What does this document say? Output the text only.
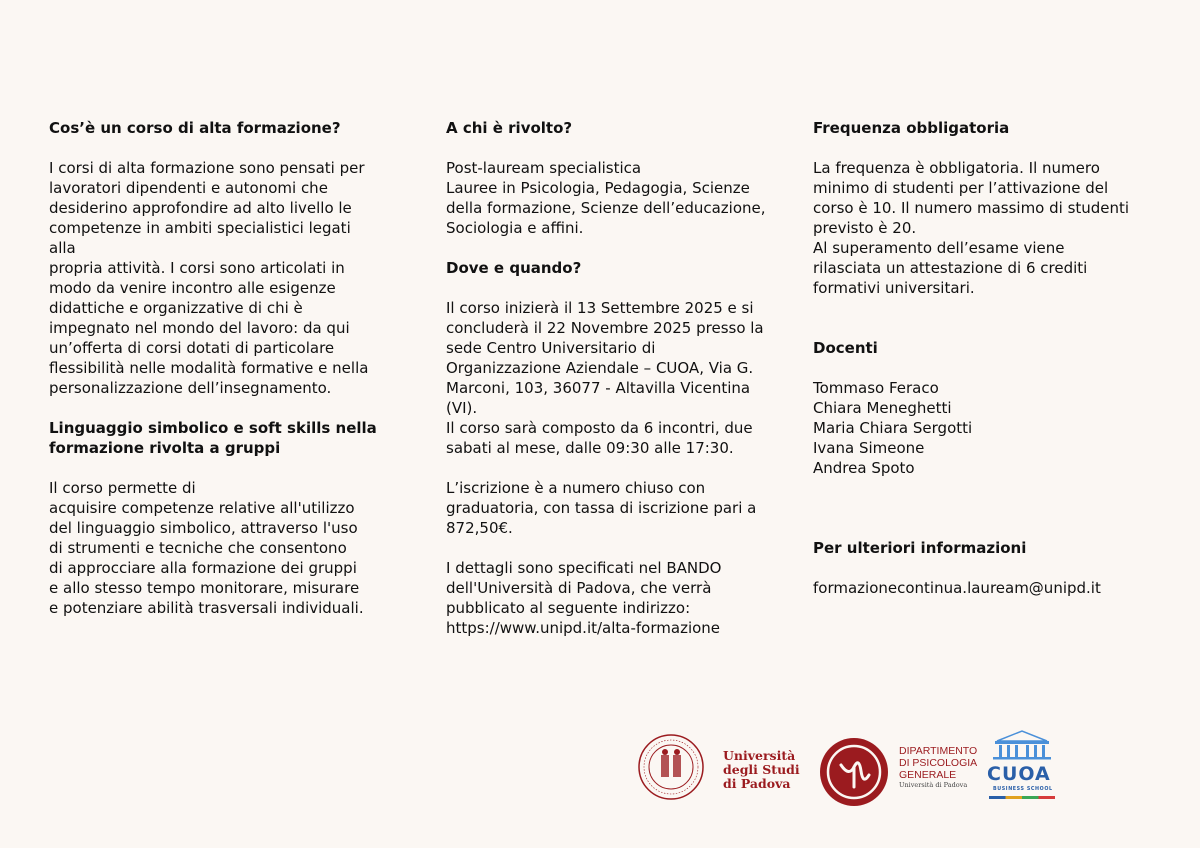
Cos’è un corso di alta formazione?

I corsi di alta formazione sono pensati per

lavoratori dipendenti e autonomi che

desiderino approfondire ad alto livello le

competenze in ambiti specialistici legati

alla

propria attività. I corsi sono articolati in

modo da venire incontro alle esigenze

didattiche e organizzative di chi è

impegnato nel mondo del lavoro: da qui

un’offerta di corsi dotati di particolare

flessibilità nelle modalità formative e nella

personalizzazione dell’insegnamento.

Linguaggio simbolico e soft skills nella
formazione rivolta a gruppi

Il corso permette di

acquisire competenze relative all'utilizzo

del linguaggio simbolico, attraverso l'uso

di strumenti e tecniche che consentono

di approcciare alla formazione dei gruppi

e allo stesso tempo monitorare, misurare

e potenziare abilità trasversali individuali.

A chi è rivolto?

Post-lauream specialistica

Lauree in Psicologia, Pedagogia, Scienze

della formazione, Scienze dell’educazione,

Sociologia e affini.

Dove e quando?

Il corso inizierà il 13 Settembre 2025 e si

concluderà il 22 Novembre 2025 presso la

sede Centro Universitario di

Organizzazione Aziendale – CUOA, Via G.

Marconi, 103, 36077 - Altavilla Vicentina

(VI).

Il corso sarà composto da 6 incontri, due

sabati al mese, dalle 09:30 alle 17:30.

L’iscrizione è a numero chiuso con

graduatoria, con tassa di iscrizione pari a

872,50€.

I dettagli sono specificati nel BANDO

dell'Università di Padova, che verrà

pubblicato al seguente indirizzo:

https://www.unipd.it/alta-formazione

Frequenza obbligatoria

La frequenza è obbligatoria. Il numero

minimo di studenti per l’attivazione del

corso è 10. Il numero massimo di studenti

previsto è 20.

Al superamento dell’esame viene

rilasciata un attestazione di 6 crediti

formativi universitari.

Docenti

Tommaso Feraco

Chiara Meneghetti

Maria Chiara Sergotti

Ivana Simeone

Andrea Spoto

Per ulteriori informazioni

formazionecontinua.lauream@unipd.it

Università
degli Studi
di Padova
DIPARTIMENTO
DI PSICOLOGIA
GENERALE
Università di Padova	CUOA
BUSINESS SCHOOL
